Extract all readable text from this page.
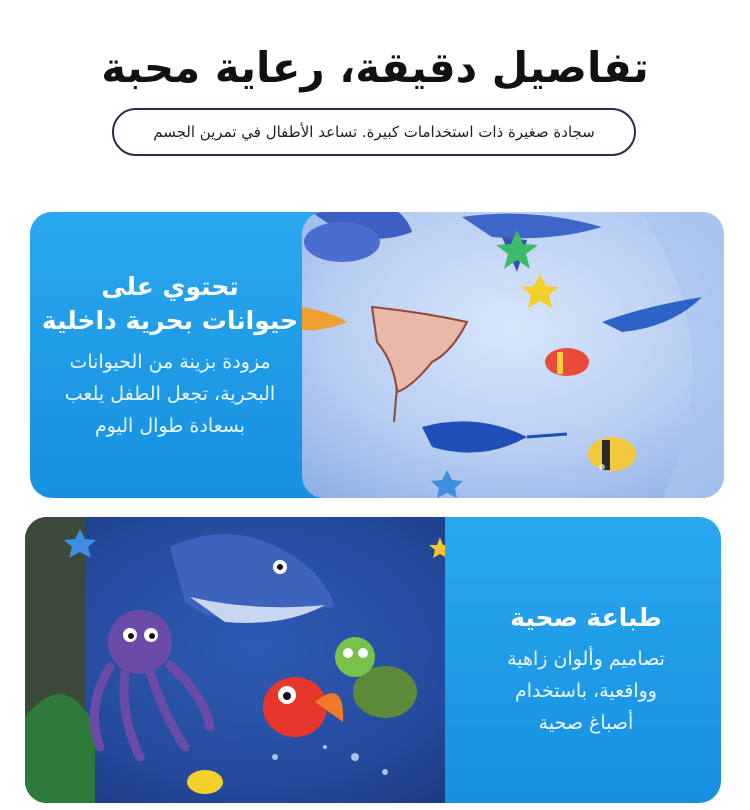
تفاصيل دقيقة، رعاية محبة
سجادة صغيرة ذات استخدامات كبيرة. تساعد الأطفال في تمرين الجسم
تحتوي على
حيوانات بحرية داخلية
مزودة بزينة من الحيوانات
البحرية، تجعل الطفل يلعب
بسعادة طوال اليوم
طباعة صحية
تصاميم وألوان زاهية
وواقعية، باستخدام
أصباغ صحية
